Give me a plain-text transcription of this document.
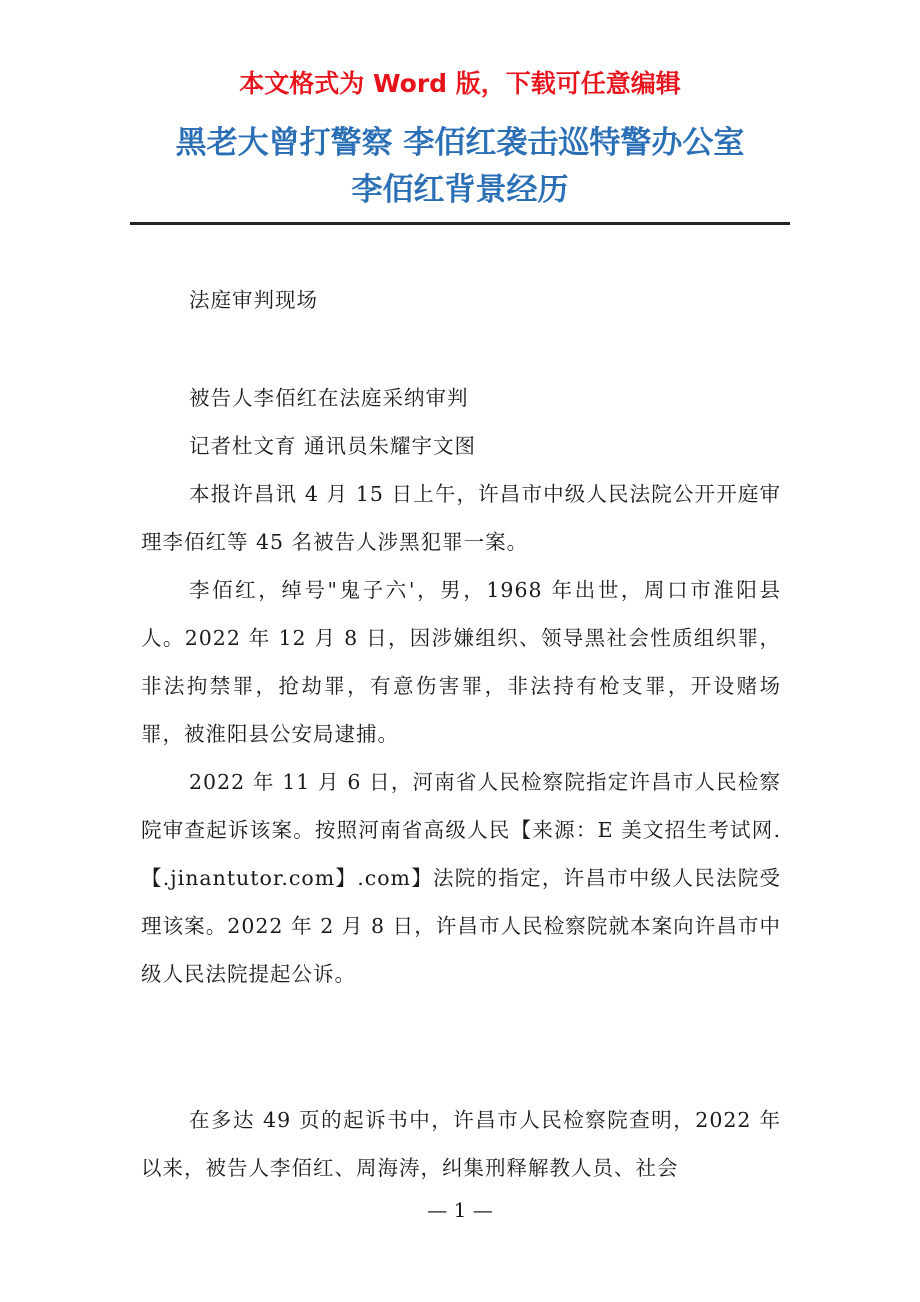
本文格式为 Word 版，下载可任意编辑
黑老大曾打警察 李佰红袭击巡特警办公室
李佰红背景经历

法庭审判现场

被告人李佰红在法庭采纳审判

记者杜文育 通讯员朱耀宇文图

本报许昌讯 4 月 15 日上午，许昌市中级人民法院公开开庭审理李佰红等 45 名被告人涉黑犯罪一案。

李佰红，绰号"鬼子六'，男，1968 年出世，周口市淮阳县人。2022 年 12 月 8 日，因涉嫌组织、领导黑社会性质组织罪，非法拘禁罪，抢劫罪，有意伤害罪，非法持有枪支罪，开设赌场罪，被淮阳县公安局逮捕。

2022 年 11 月 6 日，河南省人民检察院指定许昌市人民检察院审查起诉该案。按照河南省高级人民【来源：E 美文招生考试网.【.jinantutor.com】.com】法院的指定，许昌市中级人民法院受理该案。2022 年 2 月 8 日，许昌市人民检察院就本案向许昌市中级人民法院提起公诉。

在多达 49 页的起诉书中，许昌市人民检察院查明，2022 年以来，被告人李佰红、周海涛，纠集刑释解教人员、社会

— 1 —
